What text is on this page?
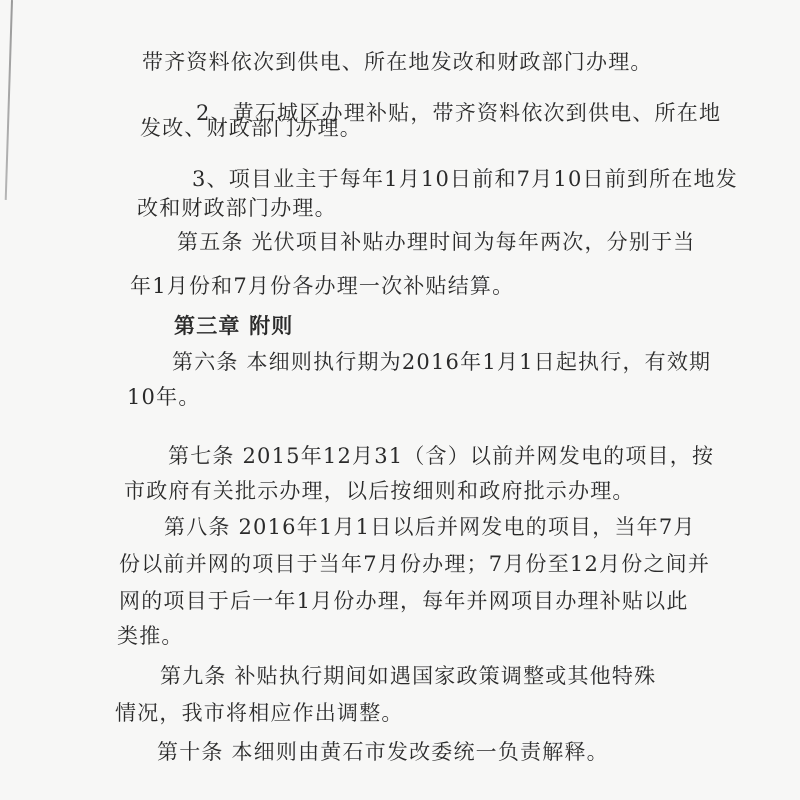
带齐资料依次到供电、所在地发改和财政部门办理。
2、黄石城区办理补贴，带齐资料依次到供电、所在地
发改、财政部门办理。
3、项目业主于每年1月10日前和7月10日前到所在地发
改和财政部门办理。
第五条 光伏项目补贴办理时间为每年两次，分别于当
年1月份和7月份各办理一次补贴结算。
第三章 附则
第六条 本细则执行期为2016年1月1日起执行，有效期
10年。
第七条 2015年12月31（含）以前并网发电的项目，按
市政府有关批示办理，以后按细则和政府批示办理。
第八条 2016年1月1日以后并网发电的项目，当年7月
份以前并网的项目于当年7月份办理；7月份至12月份之间并
网的项目于后一年1月份办理，每年并网项目办理补贴以此
类推。
第九条 补贴执行期间如遇国家政策调整或其他特殊
情况，我市将相应作出调整。
第十条 本细则由黄石市发改委统一负责解释。
